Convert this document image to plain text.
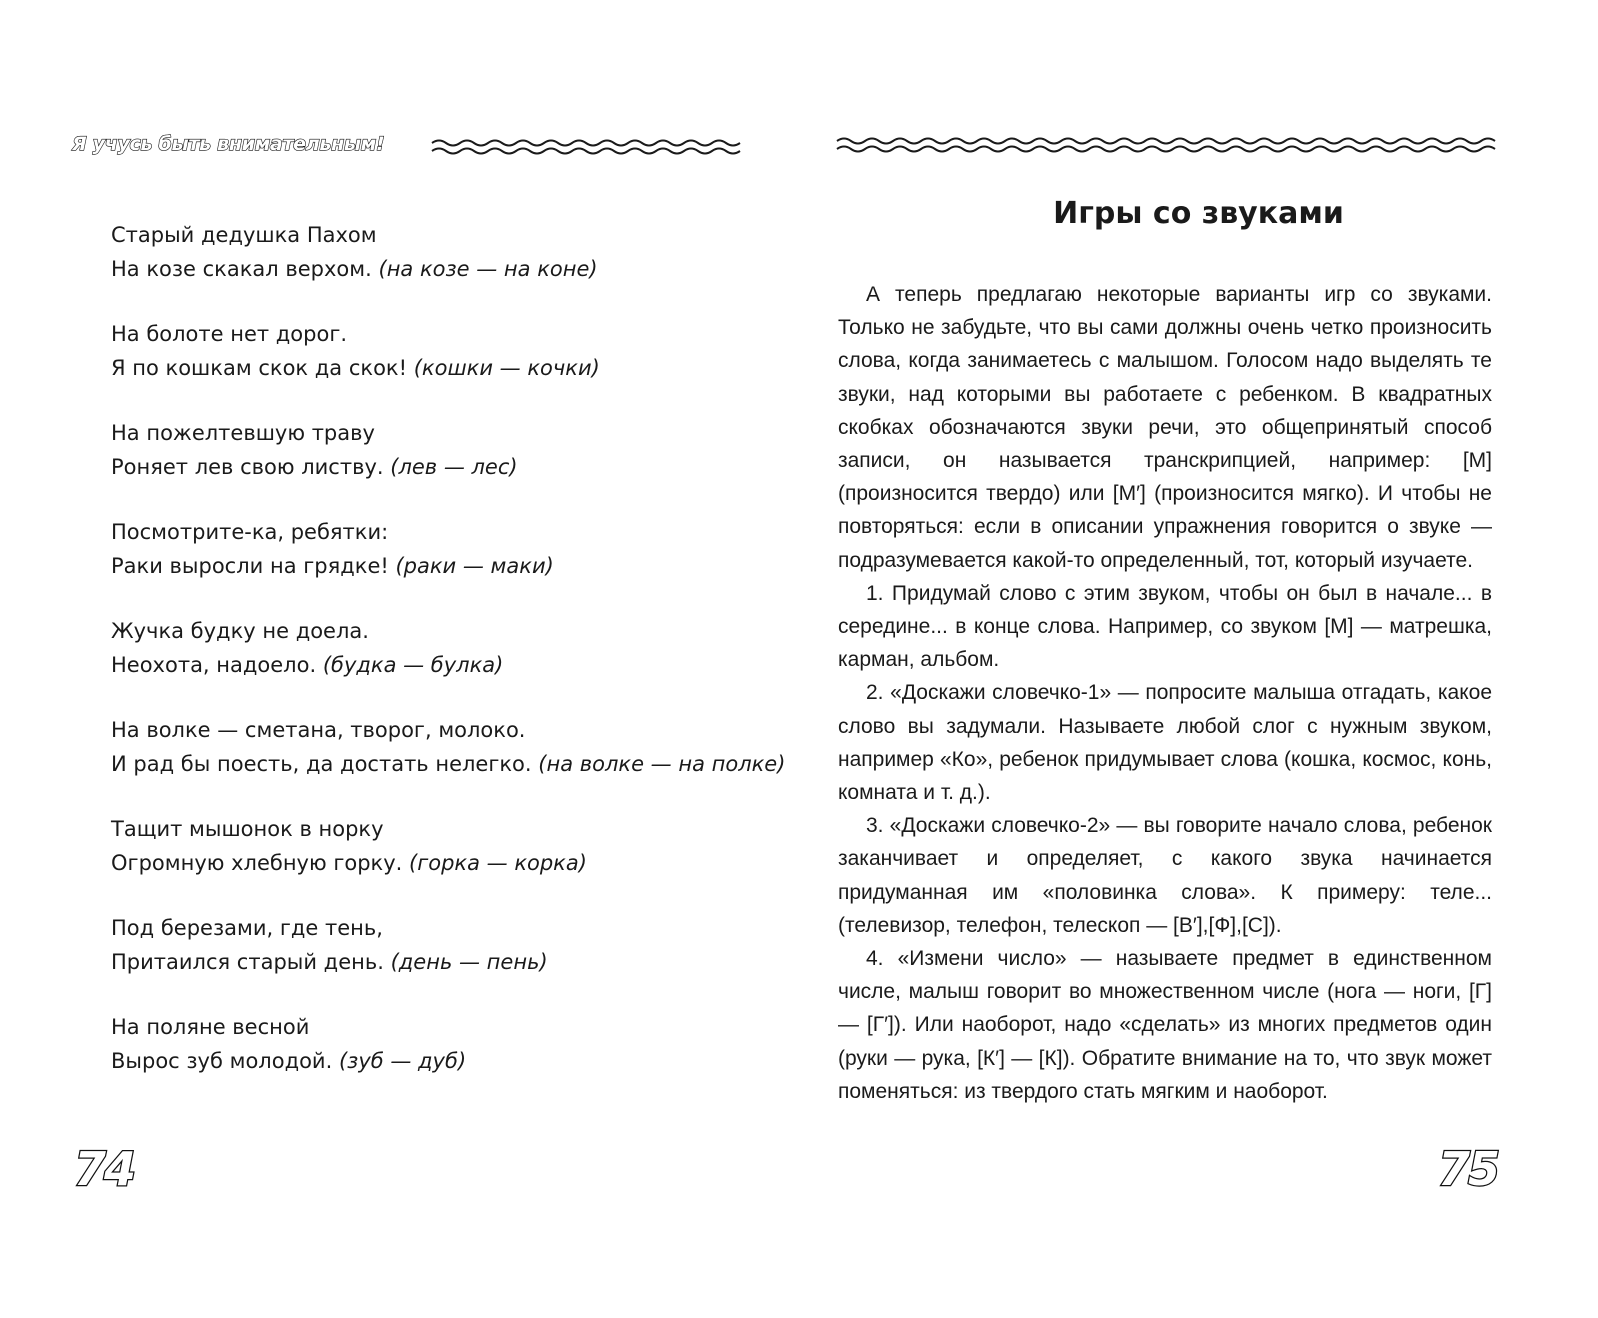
Я учусь быть внимательным!
Старый дедушка Пахом
На козе скакал верхом. (на козе — на коне)
На болоте нет дорог.
Я по кошкам скок да скок! (кошки — кочки)
На пожелтевшую траву
Роняет лев свою листву. (лев — лес)
Посмотрите-ка, ребятки:
Раки выросли на грядке! (раки — маки)
Жучка будку не доела.
Неохота, надоело. (будка — булка)
На волке — сметана, творог, молоко.
И рад бы поесть, да достать нелегко. (на волке — на полке)
Тащит мышонок в норку
Огромную хлебную горку. (горка — корка)
Под березами, где тень,
Притаился старый день. (день — пень)
На поляне весной
Вырос зуб молодой. (зуб — дуб)
74
Игры со звуками
75

А теперь предлагаю некоторые варианты игр со звуками. Только не забудьте, что вы сами должны очень четко произносить слова, когда занимаетесь с малышом. Голосом надо выделять те звуки, над которыми вы работаете с ребенком. В квадратных скобках обозначаются звуки речи, это общепринятый способ записи, он называется транскрипцией, например: [М] (произносится твердо) или [М′] (произносится мягко). И чтобы не повторяться: если в описании упражнения говорится о звуке — подразумевается какой-то определенный, тот, который изучаете.

1. Придумай слово с этим звуком, чтобы он был в начале... в середине... в конце слова. Например, со звуком [М] — матрешка, карман, альбом.

2. «Доскажи словечко-1» — попросите малыша отгадать, какое слово вы задумали. Называете любой слог с нужным звуком, например «Ко», ребенок придумывает слова (кошка, космос, конь, комната и т. д.).

3. «Доскажи словечко-2» — вы говорите начало слова, ребенок заканчивает и определяет, с какого звука начинается придуманная им «половинка слова». К примеру: теле... (телевизор, телефон, телескоп — [В′],[Ф],[С]).

4. «Измени число» — называете предмет в единственном числе, малыш говорит во множественном числе (нога — ноги, [Г] — [Г′]). Или наоборот, надо «сделать» из многих предметов один (руки — рука, [К′] — [К]). Обратите внимание на то, что звук может поменяться: из твердого стать мягким и наоборот.
